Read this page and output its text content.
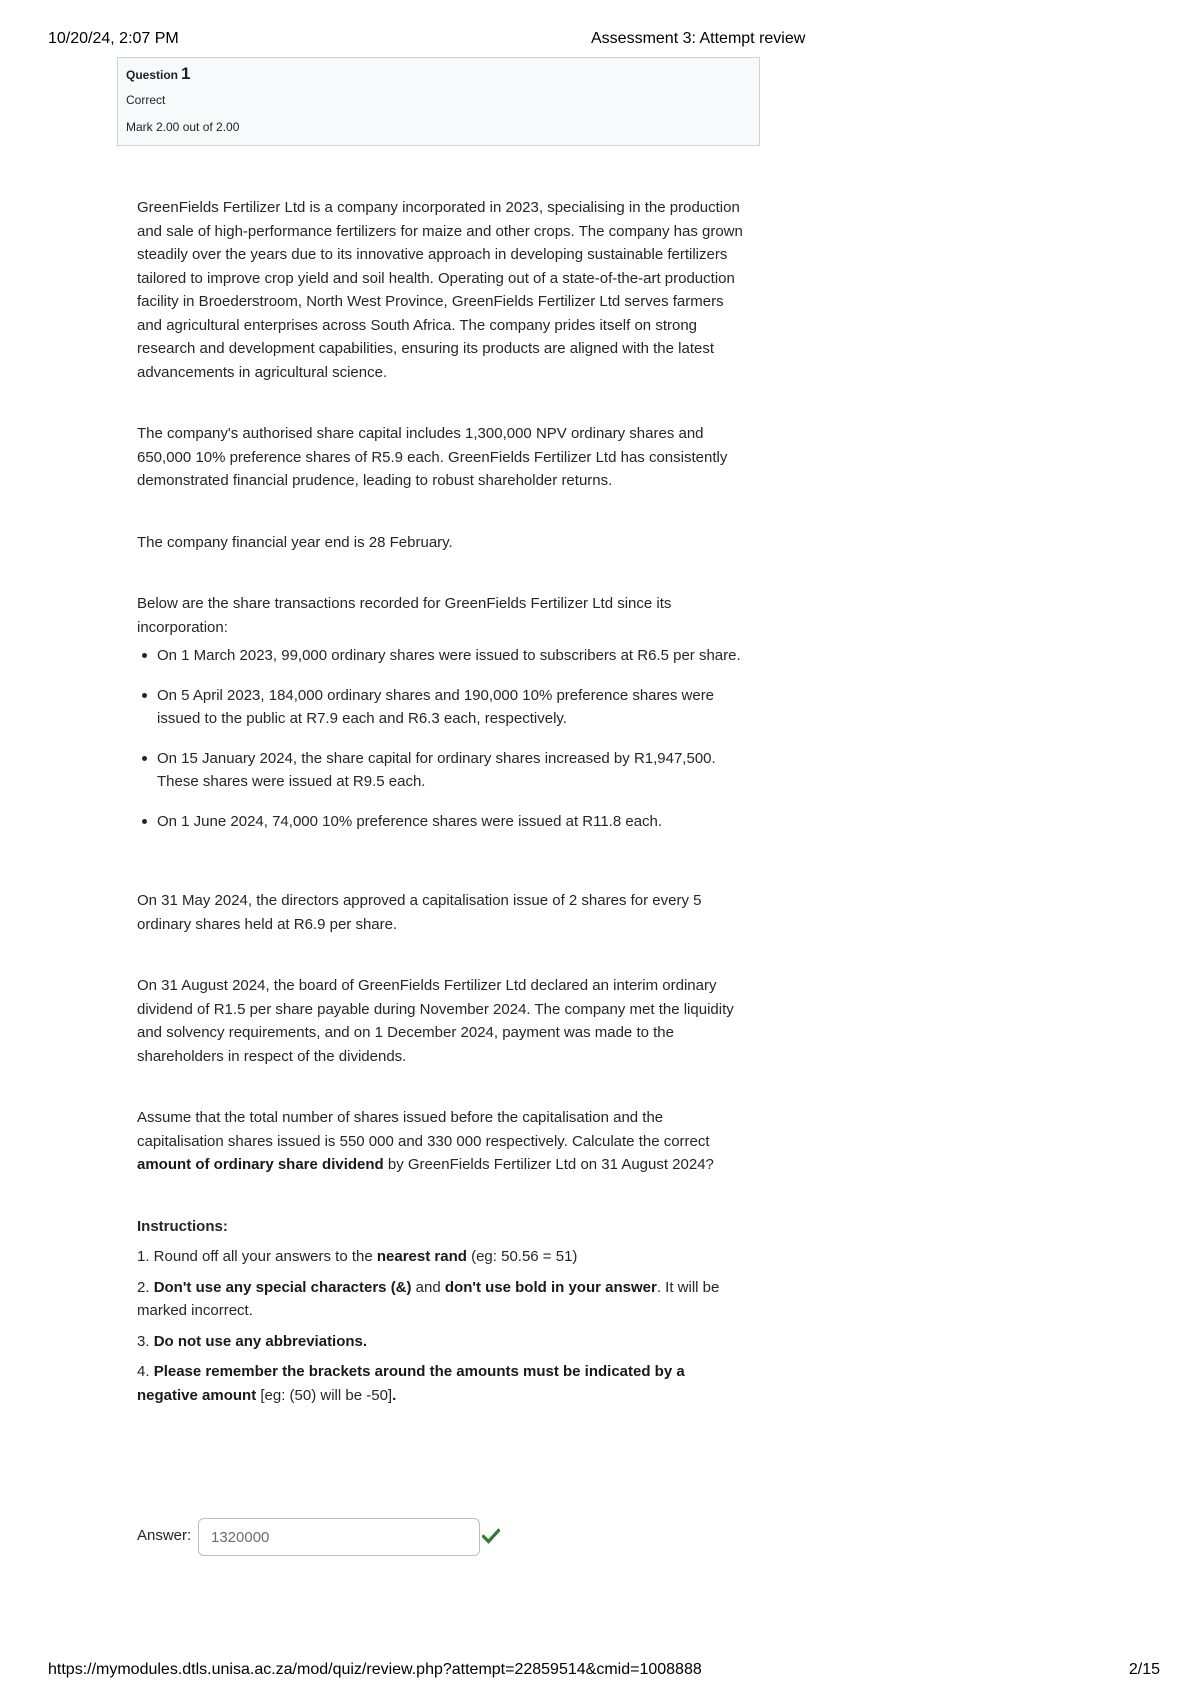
10/20/24, 2:07 PM	Assessment 3: Attempt review
Question 1
Correct
Mark 2.00 out of 2.00

GreenFields Fertilizer Ltd is a company incorporated in 2023, specialising in the production and sale of high-performance fertilizers for maize and other crops. The company has grown steadily over the years due to its innovative approach in developing sustainable fertilizers tailored to improve crop yield and soil health. Operating out of a state-of-the-art production facility in Broederstroom, North West Province, GreenFields Fertilizer Ltd serves farmers and agricultural enterprises across South Africa. The company prides itself on strong research and development capabilities, ensuring its products are aligned with the latest advancements in agricultural science.

The company's authorised share capital includes 1,300,000 NPV ordinary shares and 650,000 10% preference shares of R5.9 each. GreenFields Fertilizer Ltd has consistently demonstrated financial prudence, leading to robust shareholder returns.

The company financial year end is 28 February.

Below are the share transactions recorded for GreenFields Fertilizer Ltd since its incorporation:

On 1 March 2023, 99,000 ordinary shares were issued to subscribers at R6.5 per share.
On 5 April 2023, 184,000 ordinary shares and 190,000 10% preference shares were issued to the public at R7.9 each and R6.3 each, respectively.
On 15 January 2024, the share capital for ordinary shares increased by R1,947,500. These shares were issued at R9.5 each.
On 1 June 2024, 74,000 10% preference shares were issued at R11.8 each.

On 31 May 2024, the directors approved a capitalisation issue of 2 shares for every 5 ordinary shares held at R6.9 per share.

On 31 August 2024, the board of GreenFields Fertilizer Ltd declared an interim ordinary dividend of R1.5 per share payable during November 2024. The company met the liquidity and solvency requirements, and on 1 December 2024, payment was made to the shareholders in respect of the dividends.

Assume that the total number of shares issued before the capitalisation and the capitalisation shares issued is 550 000 and 330 000 respectively. Calculate the correct amount of ordinary share dividend by GreenFields Fertilizer Ltd on 31 August 2024?

Instructions:
1. Round off all your answers to the nearest rand (eg: 50.56 = 51)
2. Don't use any special characters (&) and don't use bold in your answer. It will be marked incorrect.
3. Do not use any abbreviations.
4. Please remember the brackets around the amounts must be indicated by a negative amount [eg: (50) will be -50].
Answer:
1320000
https://mymodules.dtls.unisa.ac.za/mod/quiz/review.php?attempt=22859514&cmid=1008888	2/15
